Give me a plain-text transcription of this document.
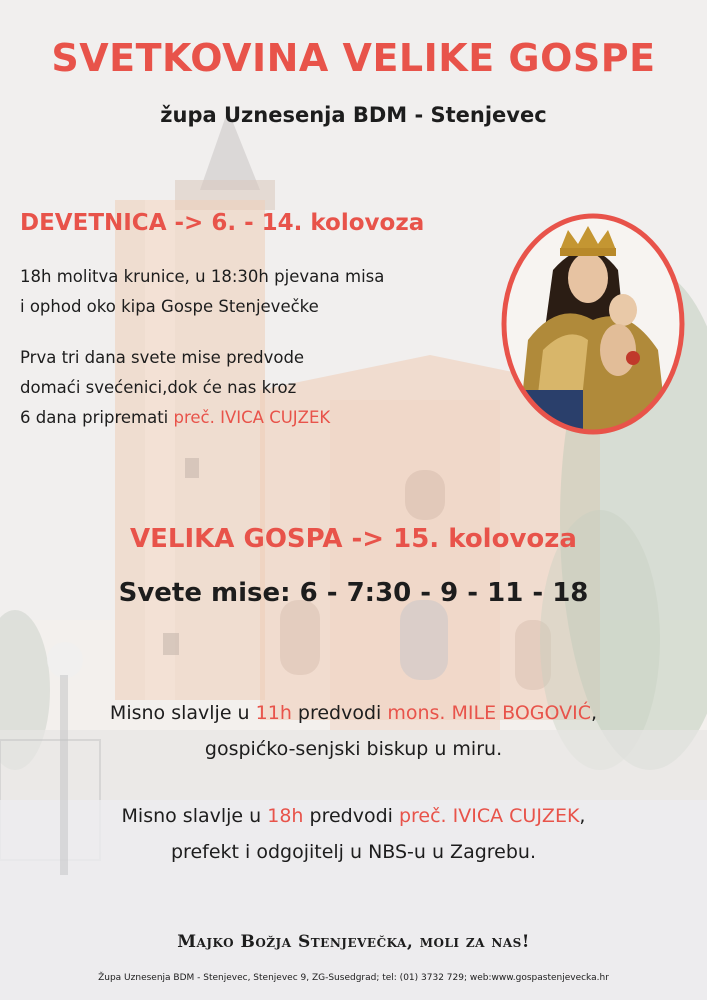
SVETKOVINA VELIKE GOSPE
župa Uznesenja BDM - Stenjevec
DEVETNICA -> 6. - 14. kolovoza
18h molitva krunice, u 18:30h pjevana misa
i ophod oko kipa Gospe Stenjevečke
Prva tri dana svete mise predvode
domaći svećenici,dok će nas kroz
6 dana pripremati preč. IVICA CUJZEK
VELIKA GOSPA -> 15. kolovoza
Svete mise: 6 - 7:30 - 9 - 11 - 18
Misno slavlje u 11h predvodi mons. MILE BOGOVIĆ,
gospićko-senjski biskup u miru.
Misno slavlje u 18h predvodi preč. IVICA CUJZEK,
prefekt i odgojitelj u NBS-u u Zagrebu.
Majko Božja Stenjevečka, moli za nas!
Župa Uznesenja BDM - Stenjevec, Stenjevec 9, ZG-Susedgrad; tel: (01) 3732 729; web:www.gospastenjevecka.hr
